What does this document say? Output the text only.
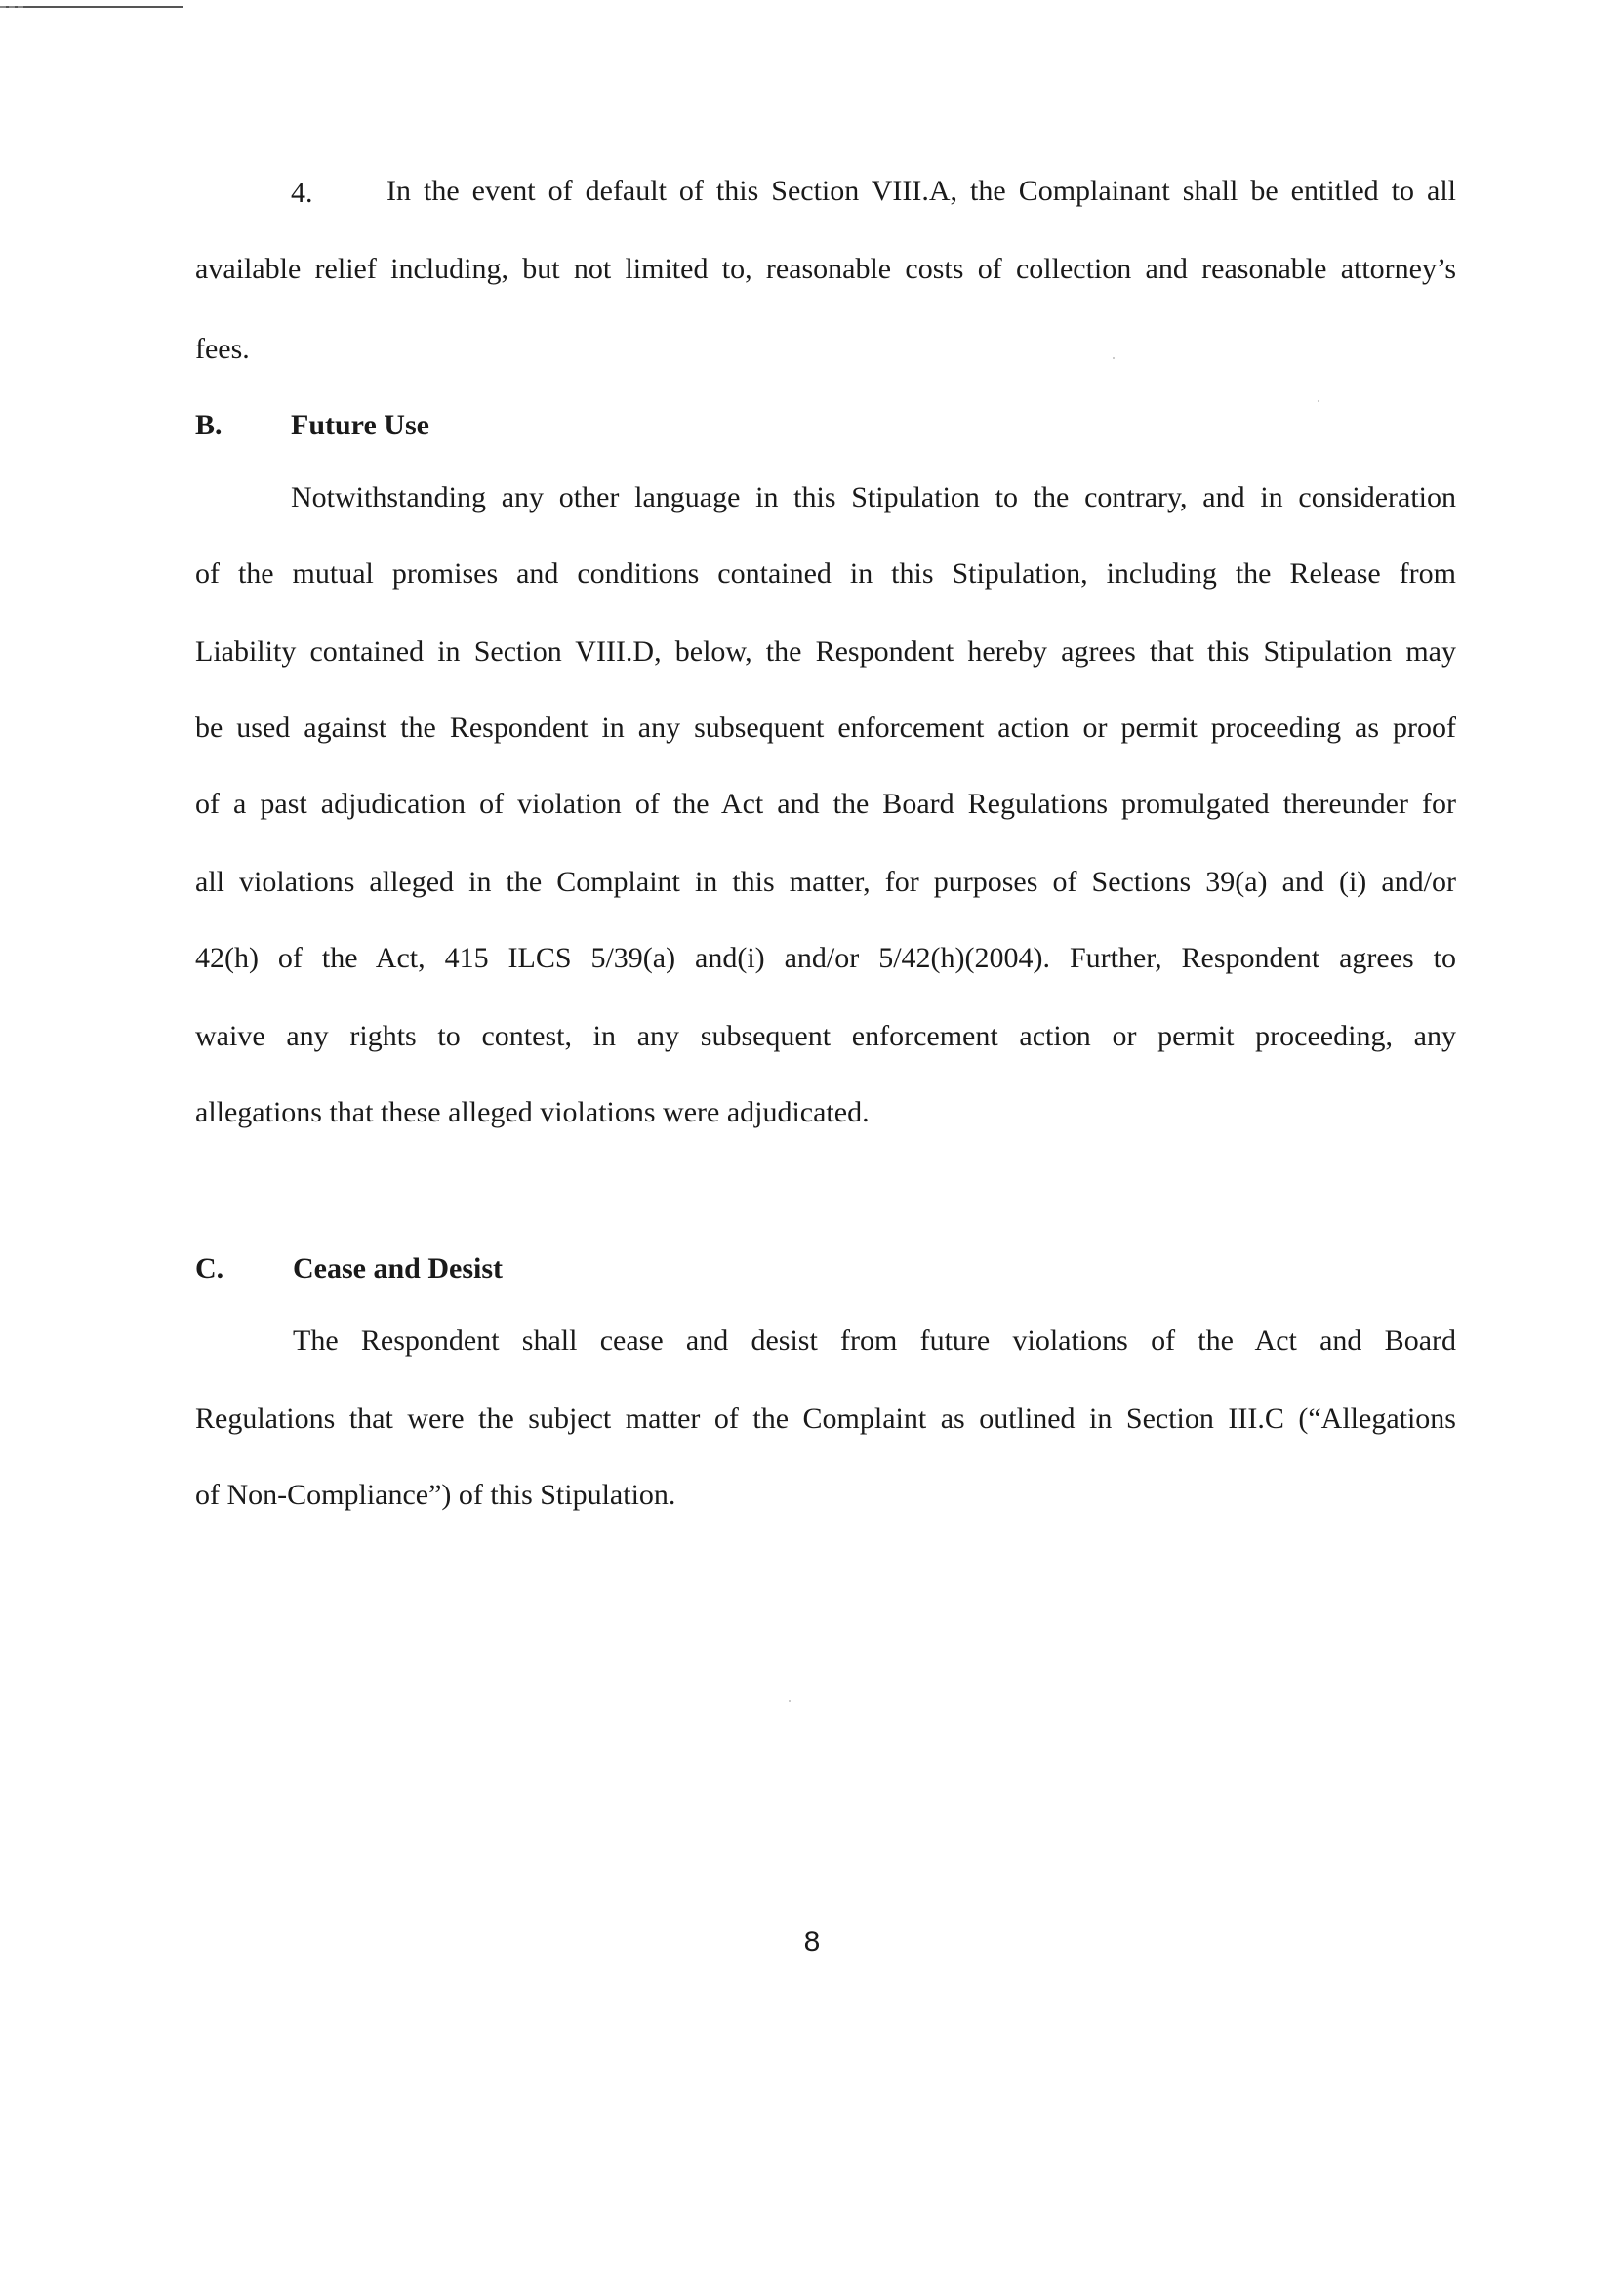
4.	In the event of default of this Section VIII.A, the Complainant shall be entitled to all
available relief including, but not limited to, reasonable costs of collection and reasonable attorney’s
fees.
B. Future Use
Notwithstanding any other language in this Stipulation to the contrary, and in consideration
of the mutual promises and conditions contained in this Stipulation, including the Release from
Liability contained in Section VIII.D, below, the Respondent hereby agrees that this Stipulation may
be used against the Respondent in any subsequent enforcement action or permit proceeding as proof
of a past adjudication of violation of the Act and the Board Regulations promulgated thereunder for
all violations alleged in the Complaint in this matter, for purposes of Sections 39(a) and (i) and/or
42(h) of the Act, 415 ILCS 5/39(a) and(i) and/or 5/42(h)(2004). Further, Respondent agrees to
waive any rights to contest, in any subsequent enforcement action or permit proceeding, any
allegations that these alleged violations were adjudicated.
C. Cease and Desist
The Respondent shall cease and desist from future violations of the Act and Board
Regulations that were the subject matter of the Complaint as outlined in Section III.C (“Allegations
of Non-Compliance”) of this Stipulation.
8
